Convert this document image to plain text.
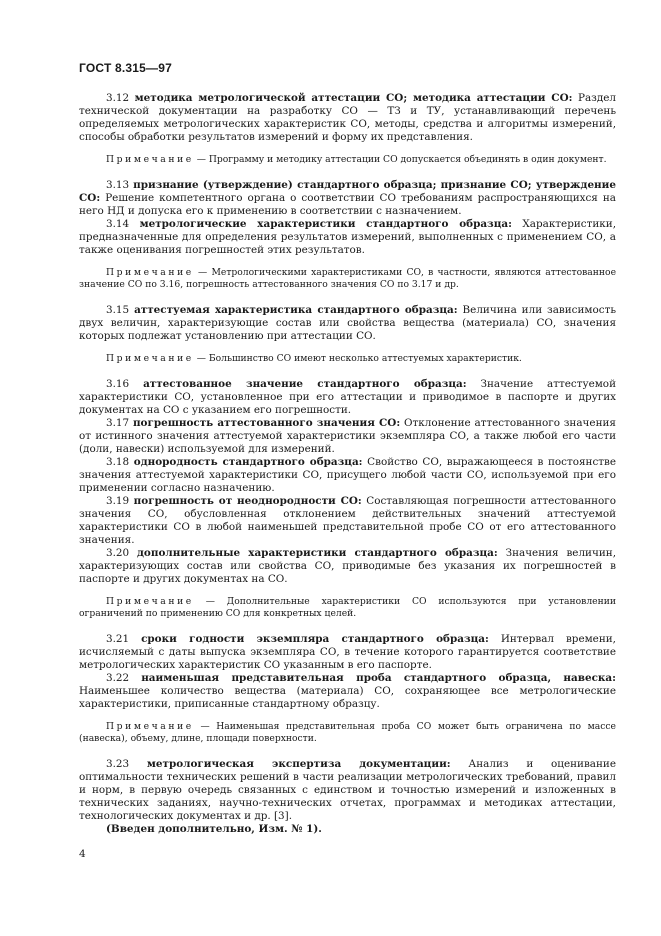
ГОСТ 8.315—97

3.12 методика метрологической аттестации СО; методика аттестации СО: Раздел технической документации на разработку СО — ТЗ и ТУ, устанавливающий перечень определяемых метрологических характеристик СО, методы, средства и алгоритмы измерений, способы обработки результатов измерений и форму их представления.

Примечание — Программу и методику аттестации СО допускается объединять в один документ.

3.13 признание (утверждение) стандартного образца; признание СО; утверждение СО: Решение компетентного органа о соответствии СО требованиям распространяющихся на него НД и допуска его к применению в соответствии с назначением.

3.14 метрологические характеристики стандартного образца: Характеристики, предназначенные для определения результатов измерений, выполненных с применением СО, а также оценивания погрешностей этих результатов.

Примечание — Метрологическими характеристиками СО, в частности, являются аттестованное значение СО по 3.16, погрешность аттестованного значения СО по 3.17 и др.

3.15 аттестуемая характеристика стандартного образца: Величина или зависимость двух величин, характеризующие состав или свойства вещества (материала) СО, значения которых подлежат установлению при аттестации СО.

Примечание — Большинство СО имеют несколько аттестуемых характеристик.

3.16 аттестованное значение стандартного образца: Значение аттестуемой характеристики СО, установленное при его аттестации и приводимое в паспорте и других документах на СО с указанием его погрешности.

3.17 погрешность аттестованного значения СО: Отклонение аттестованного значения от истинного значения аттестуемой характеристики экземпляра СО, а также любой его части (доли, навески) используемой для измерений.

3.18 однородность стандартного образца: Свойство СО, выражающееся в постоянстве значения аттестуемой характеристики СО, присущего любой части СО, используемой при его применении согласно назначению.

3.19 погрешность от неоднородности СО: Составляющая погрешности аттестованного значения СО, обусловленная отклонением действительных значений аттестуемой характеристики СО в любой наименьшей представительной пробе СО от его аттестованного значения.

3.20 дополнительные характеристики стандартного образца: Значения величин, характеризующих состав или свойства СО, приводимые без указания их погрешностей в паспорте и других документах на СО.

Примечание — Дополнительные характеристики СО используются при установлении ограничений по применению СО для конкретных целей.

3.21 сроки годности экземпляра стандартного образца: Интервал времени, исчисляемый с даты выпуска экземпляра СО, в течение которого гарантируется соответствие метрологических характеристик СО указанным в его паспорте.

3.22 наименьшая представительная проба стандартного образца, навеска: Наименьшее количество вещества (материала) СО, сохраняющее все метрологические характеристики, приписанные стандартному образцу.

Примечание — Наименьшая представительная проба СО может быть ограничена по массе (навеска), объему, длине, площади поверхности.

3.23 метрологическая экспертиза документации: Анализ и оценивание оптимальности технических решений в части реализации метрологических требований, правил и норм, в первую очередь связанных с единством и точностью измерений и изложенных в технических заданиях, научно-технических отчетах, программах и методиках аттестации, технологических документах и др. [3].

(Введен дополнительно, Изм. № 1).

4
